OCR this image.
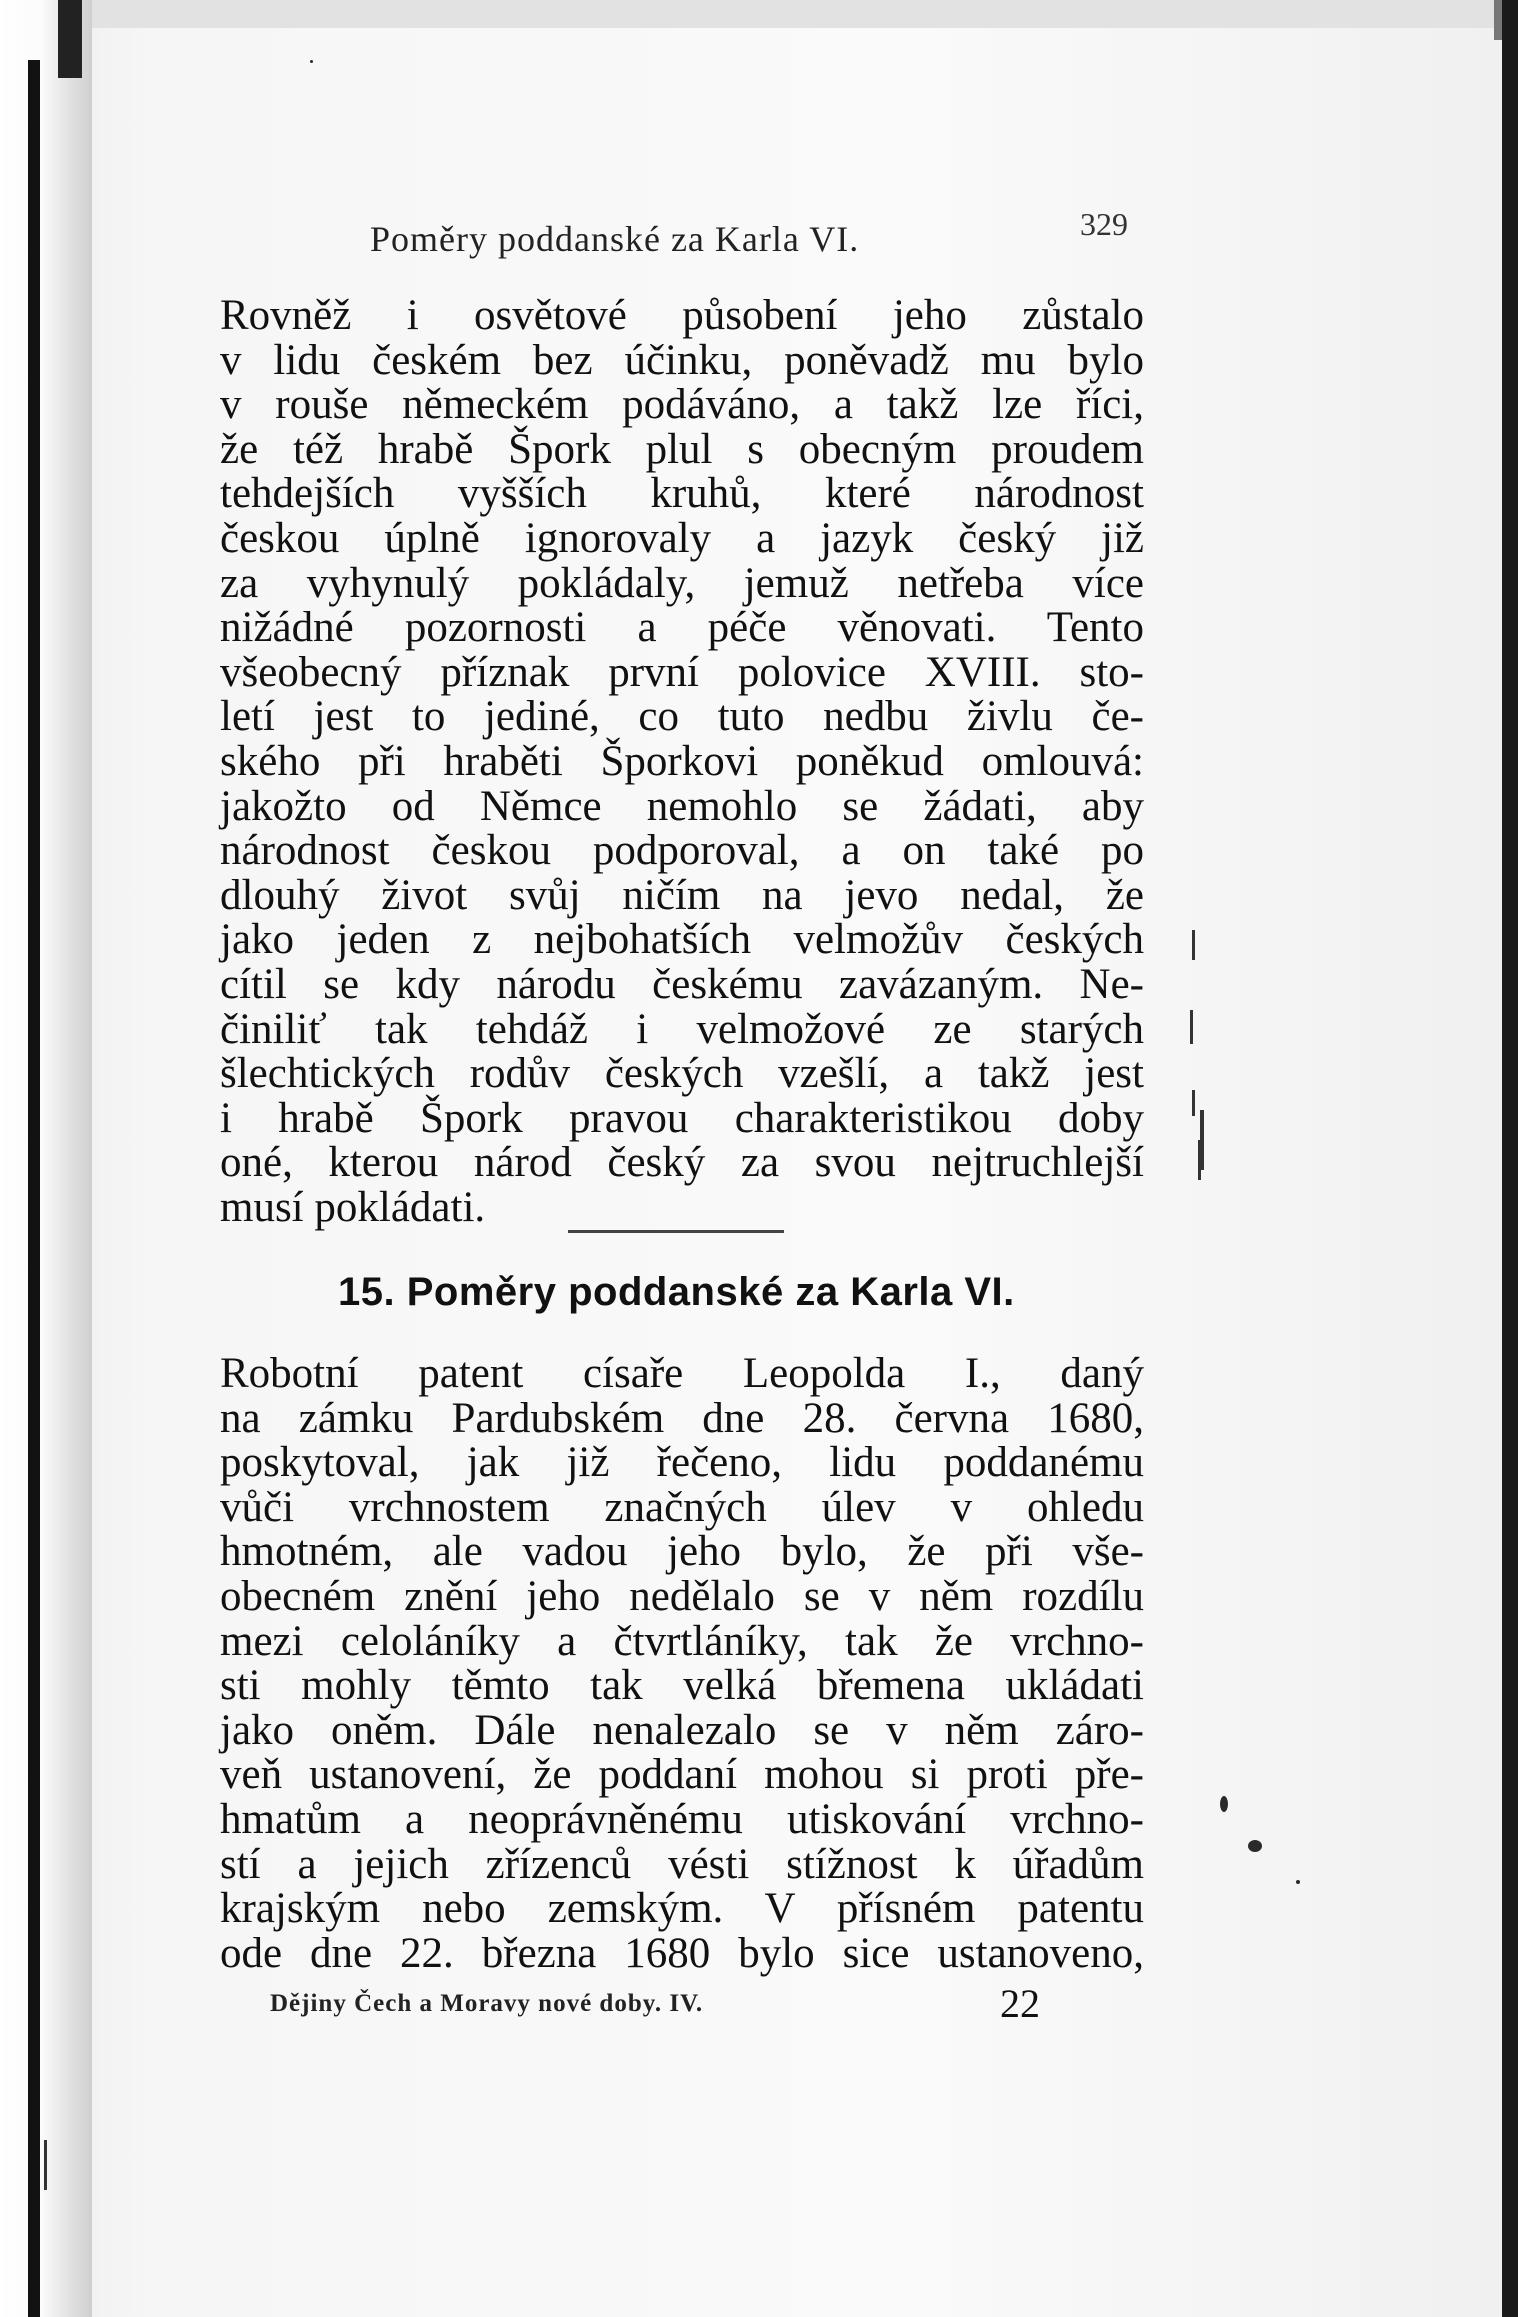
Poměry poddanské za Karla VI.	329
Rovněž i osvětové působení jeho zůstalo
v lidu českém bez účinku, poněvadž mu bylo
v rouše německém podáváno, a takž lze říci,
že též hrabě Špork plul s obecným proudem
tehdejších vyšších kruhů, které národnost
českou úplně ignorovaly a jazyk český již
za vyhynulý pokládaly, jemuž netřeba více
nižádné pozornosti a péče věnovati. Tento
všeobecný příznak první polovice XVIII. sto-
letí jest to jediné, co tuto nedbu živlu če-
ského při hraběti Šporkovi poněkud omlouvá:
jakožto od Němce nemohlo se žádati, aby
národnost českou podporoval, a on také po
dlouhý život svůj ničím na jevo nedal, že
jako jeden z nejbohatších velmožův českých
cítil se kdy národu českému zavázaným. Ne-
činiliť tak tehdáž i velmožové ze starých
šlechtických rodův českých vzešlí, a takž jest
i hrabě Špork pravou charakteristikou doby
oné, kterou národ český za svou nejtruchlejší
musí pokládati.
15. Poměry poddanské za Karla VI.
Robotní patent císaře Leopolda I., daný
na zámku Pardubském dne 28. června 1680,
poskytoval, jak již řečeno, lidu poddanému
vůči vrchnostem značných úlev v ohledu
hmotném, ale vadou jeho bylo, že při vše-
obecném znění jeho nedělalo se v něm rozdílu
mezi celoláníky a čtvrtláníky, tak že vrchno-
sti mohly těmto tak velká břemena ukládati
jako oněm. Dále nenalezalo se v něm záro-
veň ustanovení, že poddaní mohou si proti pře-
hmatům a neoprávněnému utiskování vrchno-
stí a jejich zřízenců vésti stížnost k úřadům
krajským nebo zemským. V přísném patentu
ode dne 22. března 1680 bylo sice ustanoveno,
Dějiny Čech a Moravy nové doby. IV.	22
